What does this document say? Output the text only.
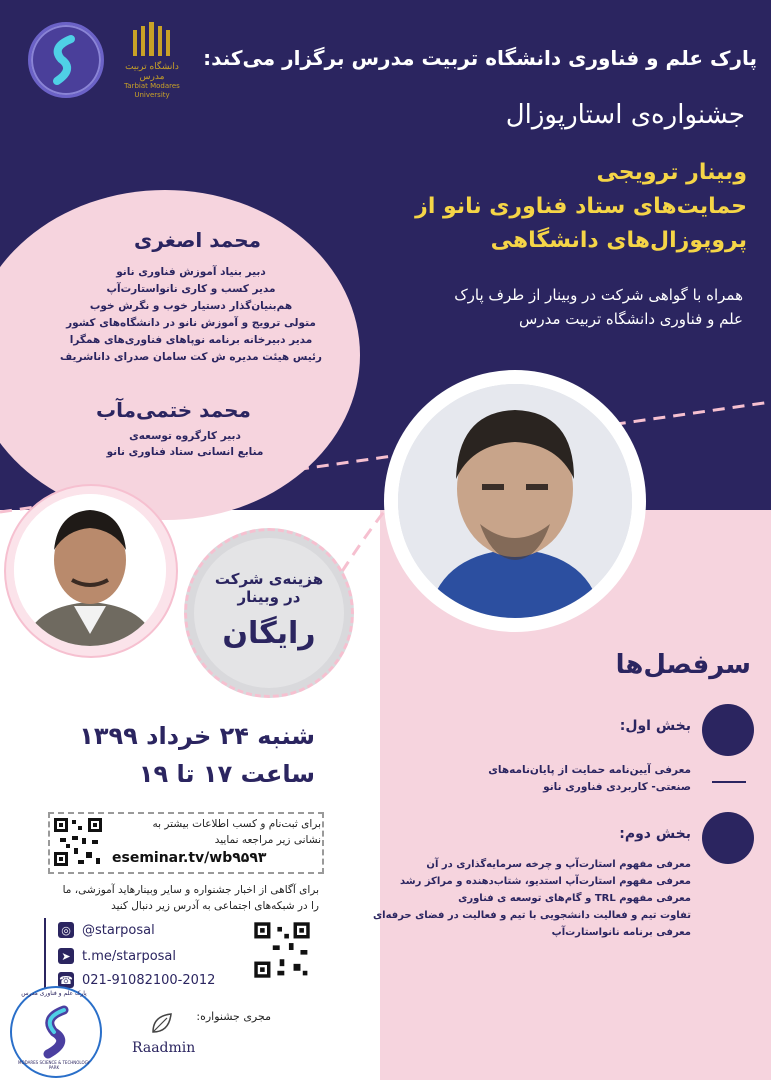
دانشگاه تربیت مدرس
Tarbiat Modares University
پارک علم و فناوری دانشگاه تربیت مدرس برگزار می‌کند:
جشنواره‌ی استارپوزال
وبینار ترویجی
حمایت‌های ستاد فناوری نانو از
پروپوزال‌های دانشگاهی
همراه با گواهی شرکت در وبینار از طرف پارک
علم و فناوری دانشگاه تربیت مدرس
محمد اصغری
دبیر بنیاد آموزش فناوری نانو
مدیر کسب و کاری نانواستارت‌آپ
هم‌بنیان‌گذار دستیار خوب و نگرش خوب
متولی ترویج و آموزش نانو در دانشگاه‌های کشور
مدیر دبیرخانه برنامه نوپاهای فناوری‌های همگرا
رئیس هیئت مدیره ش کت سامان صدرای داناشریف
محمد ختمی‌مآب
دبیر کارگروه توسعه‌ی
منابع انسانی ستاد فناوری نانو
هزینه‌ی شرکت
در وبینار
رایگان
شنبه ۲۴ خرداد ۱۳۹۹
ساعت ۱۷ تا ۱۹
برای ثبت‌نام و کسب اطلاعات بیشتر به
نشانی زیر مراجعه نمایید
eseminar.tv/wb۹۵۹۳
برای آگاهی از اخبار جشنواره و سایر وبینارهاید آموزشی، ما
را در شبکه‌های اجتماعی به آدرس زیر دنبال کنید
◎ @starposal
➤ t.me/starposal
☎ 021-91082100-2012
مجری جشنواره:
Raadmin
پارک علم و فناوری مدرس
MODARES SCIENCE & TECHNOLOGY PARK
سرفصل‌ها
بخش اول:
معرفی آیین‌نامه حمایت از پایان‌نامه‌های
صنعتی- کاربردی فناوری نانو
بخش دوم:
معرفی مفهوم استارت‌آپ و چرخه سرمایه‌گذاری در آن
معرفی مفهوم استارت‌آپ استدیو، شتاب‌دهنده و مراکز رشد
معرفی مفهوم TRL و گام‌های توسعه ی فناوری
تفاوت تیم و فعالیت دانشجویی با تیم و فعالیت در فضای حرفه‌ای
معرفی برنامه نانواستارت‌آپ
